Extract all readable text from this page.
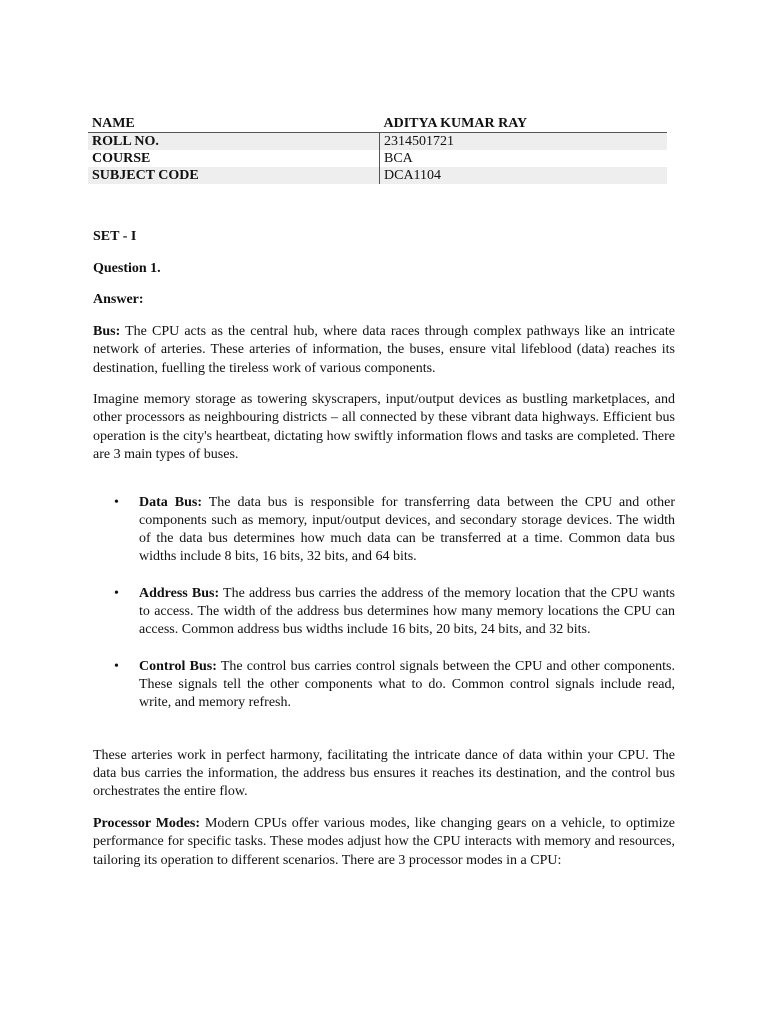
NAME	ADITYA KUMAR RAY
ROLL NO.	2314501721
COURSE	BCA
SUBJECT CODE	DCA1104

SET - I

Question 1.

Answer:

Bus: The CPU acts as the central hub, where data races through complex pathways like an intricate network of arteries. These arteries of information, the buses, ensure vital lifeblood (data) reaches its destination, fuelling the tireless work of various components.

Imagine memory storage as towering skyscrapers, input/output devices as bustling marketplaces, and other processors as neighbouring districts – all connected by these vibrant data highways. Efficient bus operation is the city's heartbeat, dictating how swiftly information flows and tasks are completed. There are 3 main types of buses.

• Data Bus: The data bus is responsible for transferring data between the CPU and other components such as memory, input/output devices, and secondary storage devices. The width of the data bus determines how much data can be transferred at a time. Common data bus widths include 8 bits, 16 bits, 32 bits, and 64 bits.
• Address Bus: The address bus carries the address of the memory location that the CPU wants to access. The width of the address bus determines how many memory locations the CPU can access. Common address bus widths include 16 bits, 20 bits, 24 bits, and 32 bits.
• Control Bus: The control bus carries control signals between the CPU and other components. These signals tell the other components what to do. Common control signals include read, write, and memory refresh.

These arteries work in perfect harmony, facilitating the intricate dance of data within your CPU. The data bus carries the information, the address bus ensures it reaches its destination, and the control bus orchestrates the entire flow.

Processor Modes: Modern CPUs offer various modes, like changing gears on a vehicle, to optimize performance for specific tasks. These modes adjust how the CPU interacts with memory and resources, tailoring its operation to different scenarios. There are 3 processor modes in a CPU:
